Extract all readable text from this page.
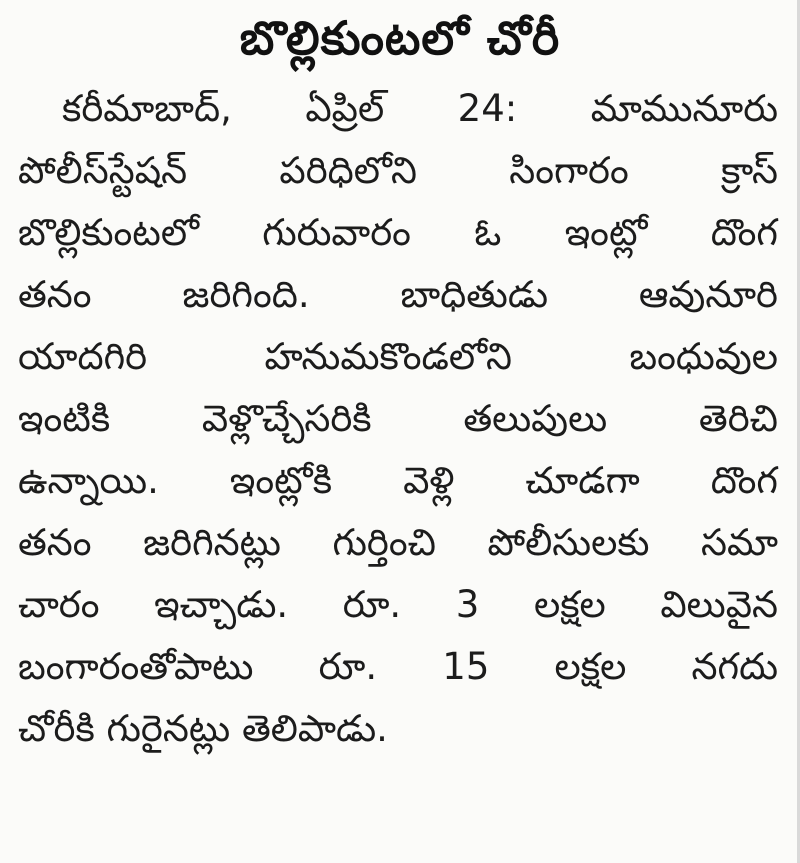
బొల్లికుంటలో చోరీ
కరీమాబాద్, ఏప్రిల్ 24: మామునూరు
పోలీస్‌స్టేషన్ పరిధిలోని సింగారం క్రాస్
బొల్లికుంటలో గురువారం ఓ ఇంట్లో దొంగ
తనం జరిగింది. బాధితుడు ఆవునూరి
యాదగిరి హనుమకొండలోని బంధువుల
ఇంటికి వెళ్లొచ్చేసరికి తలుపులు తెరిచి
ఉన్నాయి. ఇంట్లోకి వెళ్లి చూడగా దొంగ
తనం జరిగినట్లు గుర్తించి పోలీసులకు సమా
చారం ఇచ్చాడు. రూ. 3 లక్షల విలువైన
బంగారంతోపాటు రూ. 15 లక్షల నగదు
చోరీకి గురైనట్లు తెలిపాడు.
